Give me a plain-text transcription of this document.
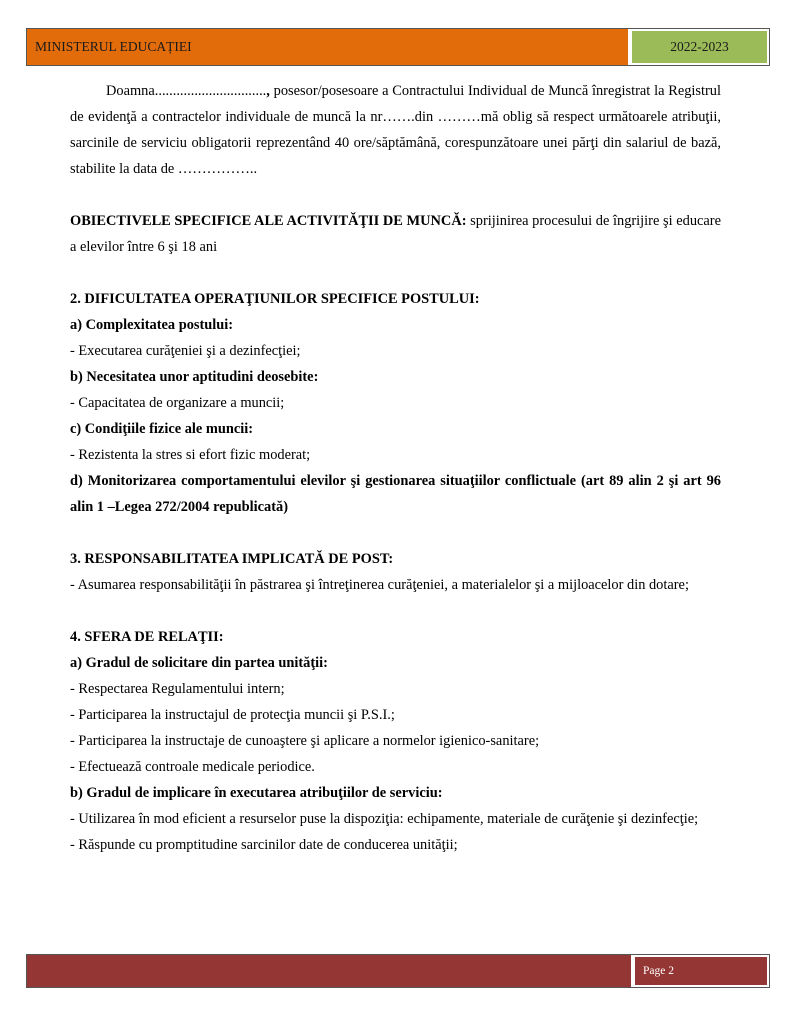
MINISTERUL EDUCAȚIEI	2022-2023

Doamna..............................., posesor/posesoare a Contractului Individual de Muncă înregistrat la Registrul de evidenţă a contractelor individuale de muncă la nr…….din ………mă oblig să respect următoarele atribuţii, sarcinile de serviciu obligatorii reprezentând 40 ore/săptămână, corespunzătoare unei părţi din salariul de bază, stabilite la data de ……………..

OBIECTIVELE SPECIFICE ALE ACTIVITĂŢII DE MUNCĂ: sprijinirea procesului de îngrijire şi educare a elevilor între 6 şi 18 ani

2. DIFICULTATEA OPERAŢIUNILOR SPECIFICE POSTULUI:

a) Complexitatea postului:

- Executarea curăţeniei şi a dezinfecţiei;

b) Necesitatea unor aptitudini deosebite:

- Capacitatea de organizare a muncii;

c) Condiţiile fizice ale muncii:

- Rezistenta la stres si efort fizic moderat;

d) Monitorizarea comportamentului elevilor şi gestionarea situaţiilor conflictuale (art 89 alin 2 şi art 96 alin 1 –Legea 272/2004 republicată)

3. RESPONSABILITATEA IMPLICATĂ DE POST:

- Asumarea responsabilităţii în păstrarea şi întreţinerea curăţeniei, a materialelor şi a mijloacelor din dotare;

4. SFERA DE RELAŢII:

a) Gradul de solicitare din partea unităţii:

- Respectarea Regulamentului intern;

- Participarea la instructajul de protecţia muncii şi P.S.I.;

- Participarea la instructaje de cunoaştere şi aplicare a normelor igienico-sanitare;

- Efectuează controale medicale periodice.

b) Gradul de implicare în executarea atribuţiilor de serviciu:

- Utilizarea în mod eficient a resurselor puse la dispoziţia: echipamente, materiale de curăţenie şi dezinfecţie;

- Răspunde cu promptitudine sarcinilor date de conducerea unităţii;

Page 2
